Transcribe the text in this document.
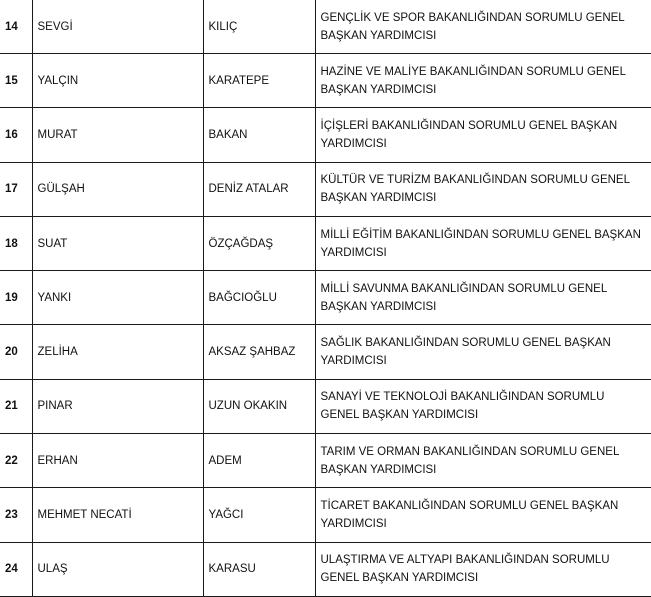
14	SEVGİ	KILIÇ	GENÇLİK VE SPOR BAKANLIĞINDAN SORUMLU GENEL BAŞKAN YARDIMCISI
15	YALÇIN	KARATEPE	HAZİNE VE MALİYE BAKANLIĞINDAN SORUMLU GENEL BAŞKAN YARDIMCISI
16	MURAT	BAKAN	İÇİŞLERİ BAKANLIĞINDAN SORUMLU GENEL BAŞKAN YARDIMCISI
17	GÜLŞAH	DENİZ ATALAR	KÜLTÜR VE TURİZM BAKANLIĞINDAN SORUMLU GENEL BAŞKAN YARDIMCISI
18	SUAT	ÖZÇAĞDAŞ	MİLLİ EĞİTİM BAKANLIĞINDAN SORUMLU GENEL BAŞKAN YARDIMCISI
19	YANKI	BAĞCIOĞLU	MİLLİ SAVUNMA BAKANLIĞINDAN SORUMLU GENEL BAŞKAN YARDIMCISI
20	ZELİHA	AKSAZ ŞAHBAZ	SAĞLIK BAKANLIĞINDAN SORUMLU GENEL BAŞKAN YARDIMCISI
21	PINAR	UZUN OKAKIN	SANAYİ VE TEKNOLOJİ BAKANLIĞINDAN SORUMLU GENEL BAŞKAN YARDIMCISI
22	ERHAN	ADEM	TARIM VE ORMAN BAKANLIĞINDAN SORUMLU GENEL BAŞKAN YARDIMCISI
23	MEHMET NECATİ	YAĞCI	TİCARET BAKANLIĞINDAN SORUMLU GENEL BAŞKAN YARDIMCISI
24	ULAŞ	KARASU	ULAŞTIRMA VE ALTYAPI BAKANLIĞINDAN SORUMLU GENEL BAŞKAN YARDIMCISI
